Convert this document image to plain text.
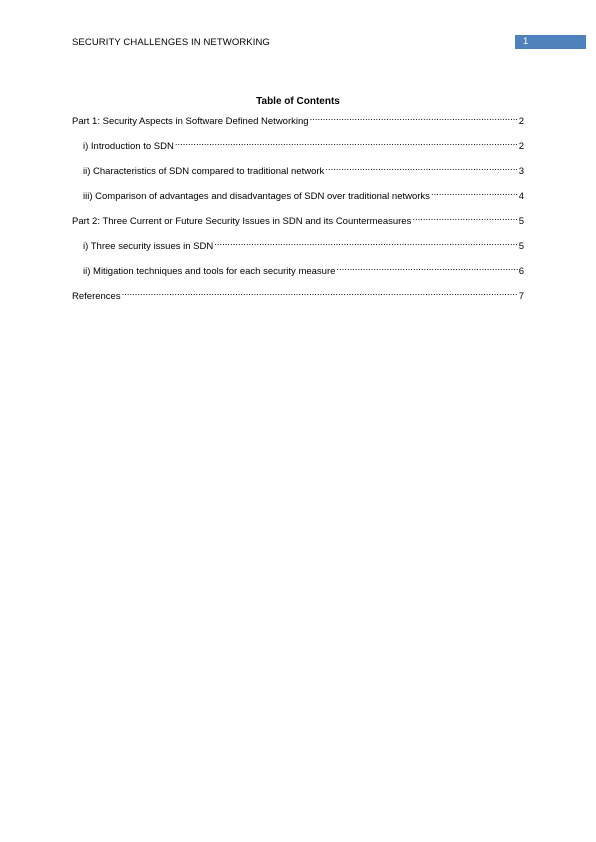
SECURITY CHALLENGES IN NETWORKING	1
Table of Contents
Part 1: Security Aspects in Software Defined Networking .....	2
i) Introduction to SDN .....	2
ii) Characteristics of SDN compared to traditional network .....	3
iii) Comparison of advantages and disadvantages of SDN over traditional networks .....	4
Part 2: Three Current or Future Security Issues in SDN and its Countermeasures .....	5
i) Three security issues in SDN .....	5
ii) Mitigation techniques and tools for each security measure .....	6
References .....	7
